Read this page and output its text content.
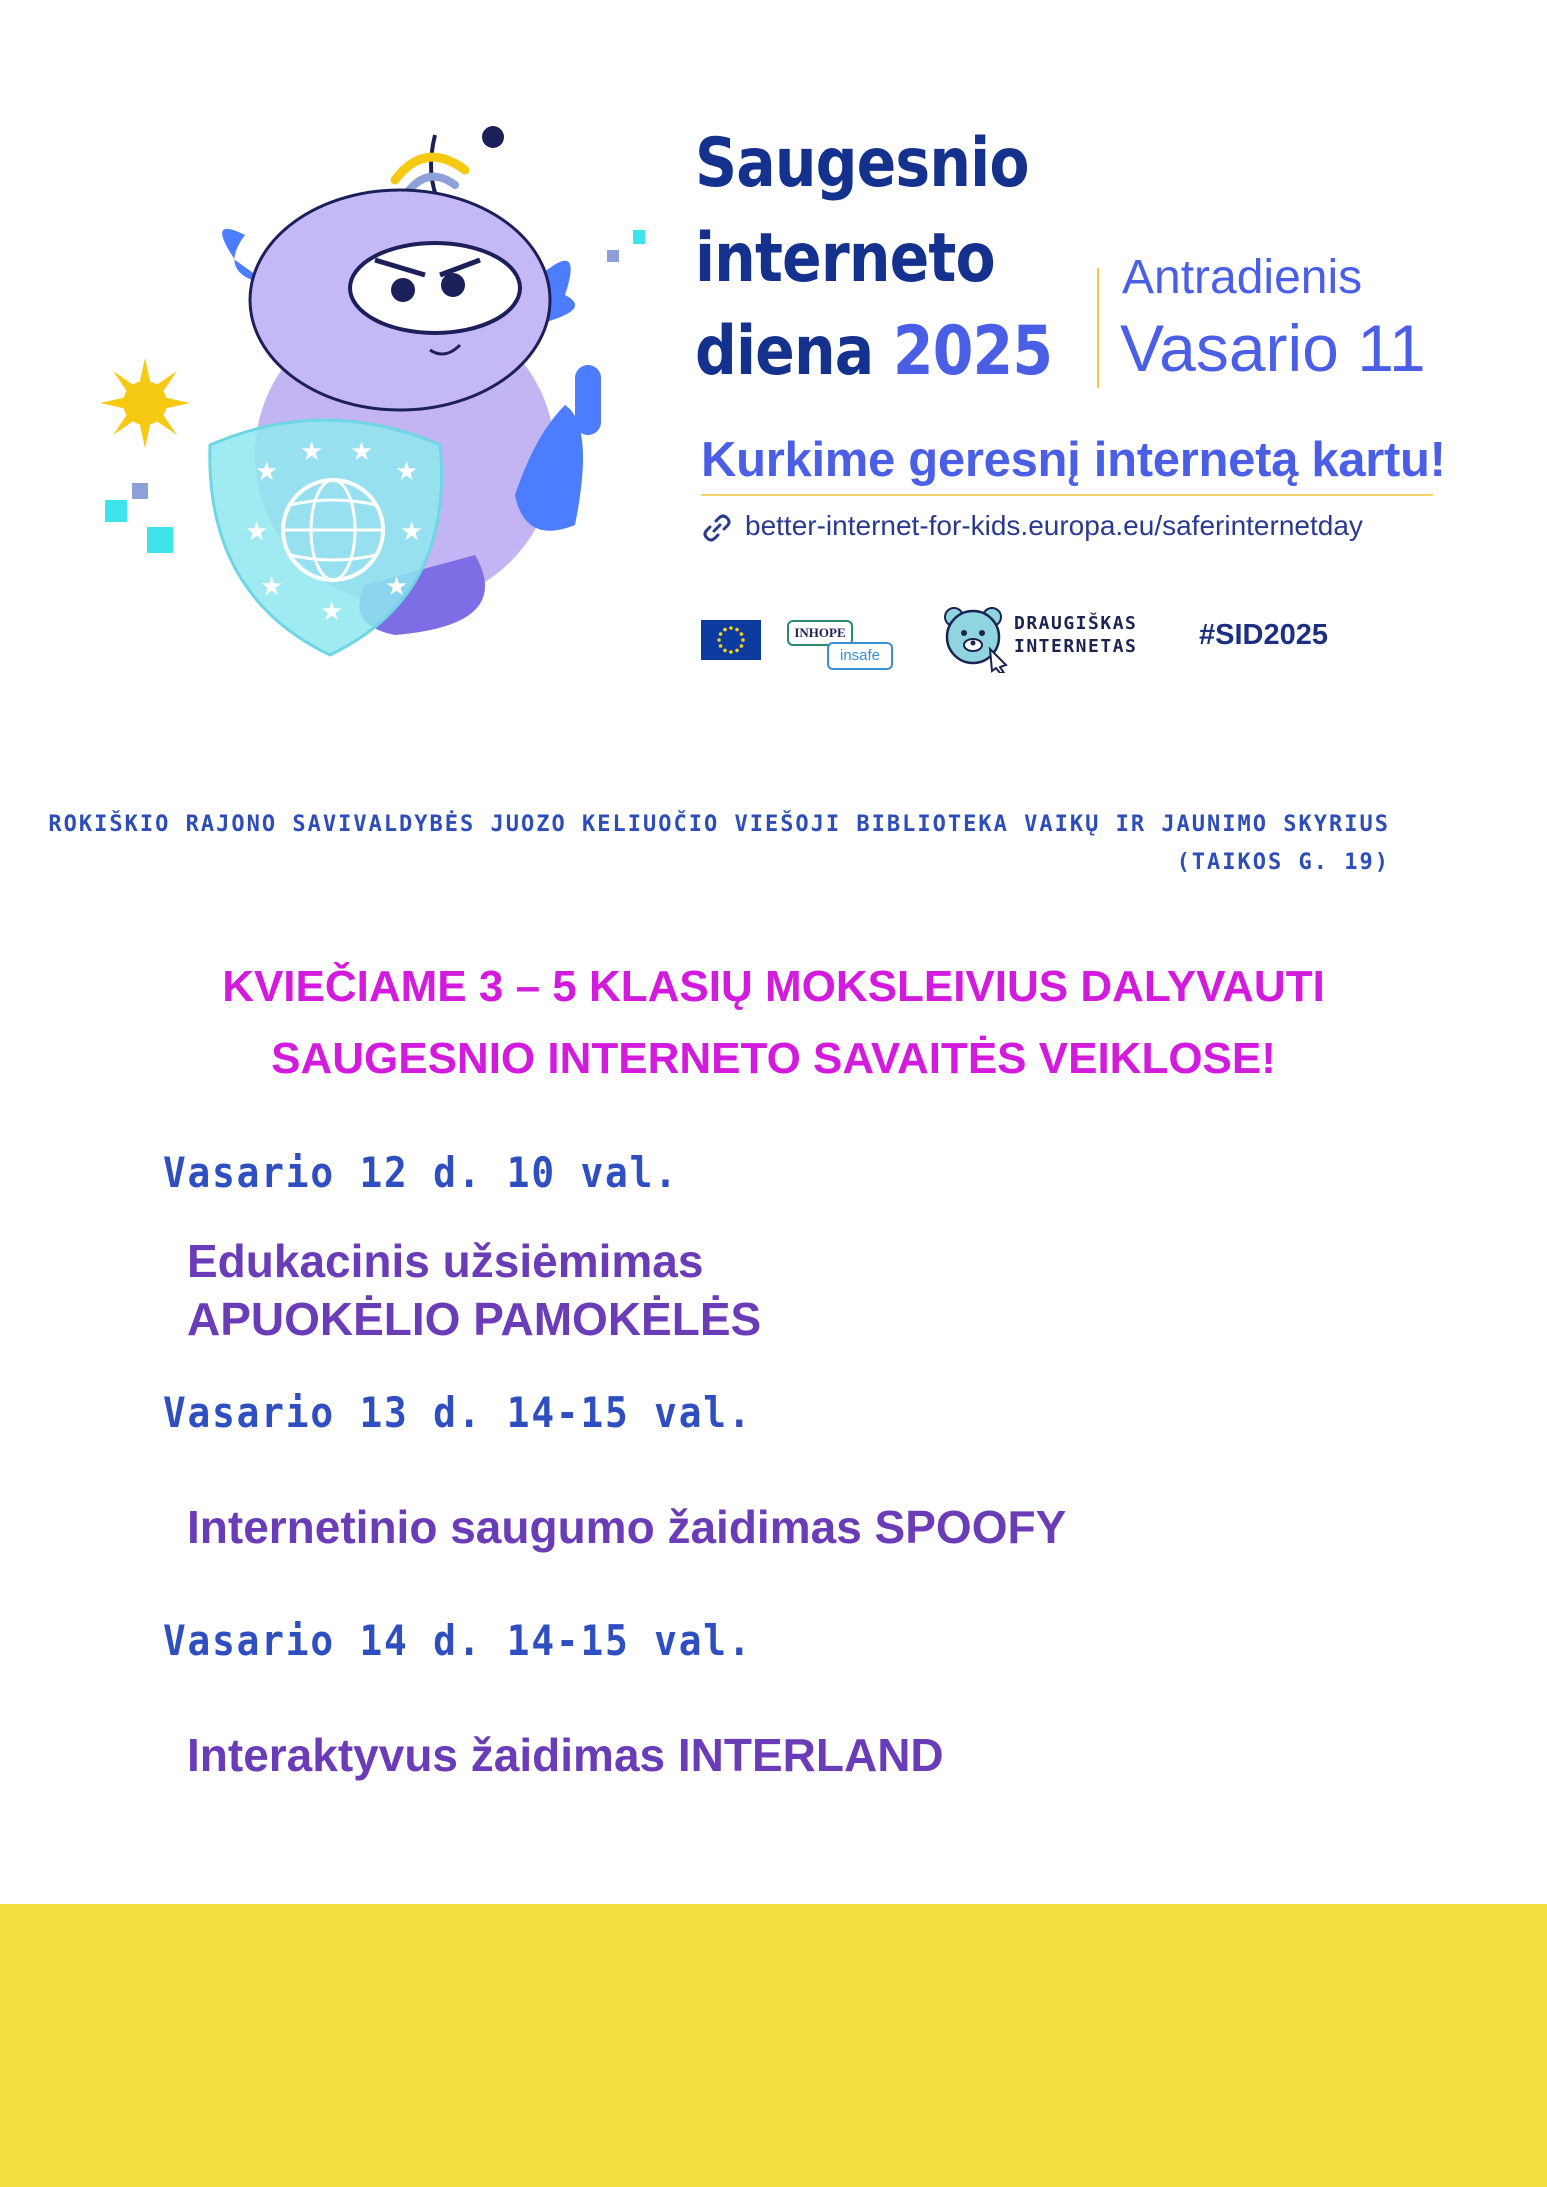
★
★ ★
★
★	★
★	★
★
Saugesnio
interneto
diena 2025
Antradienis
Vasario 11
Kurkime geresnį internetą kartu!
better-internet-for-kids.europa.eu/saferinternetday
INHOPE
insafe
DRAUGIŠKAS
INTERNETAS #SID2025
ROKIŠKIO RAJONO SAVIVALDYBĖS JUOZO KELIUOČIO VIEŠOJI BIBLIOTEKA VAIKŲ IR JAUNIMO SKYRIUS
(TAIKOS G. 19)
KVIEČIAME 3 – 5 KLASIŲ MOKSLEIVIUS DALYVAUTI
SAUGESNIO INTERNETO SAVAITĖS VEIKLOSE!
Vasario 12 d. 10 val.
Edukacinis užsiėmimas
APUOKĖLIO PAMOKĖLĖS
Vasario 13 d. 14-15 val.
Internetinio saugumo žaidimas SPOOFY
Vasario 14 d. 14-15 val.
Interaktyvus žaidimas INTERLAND
